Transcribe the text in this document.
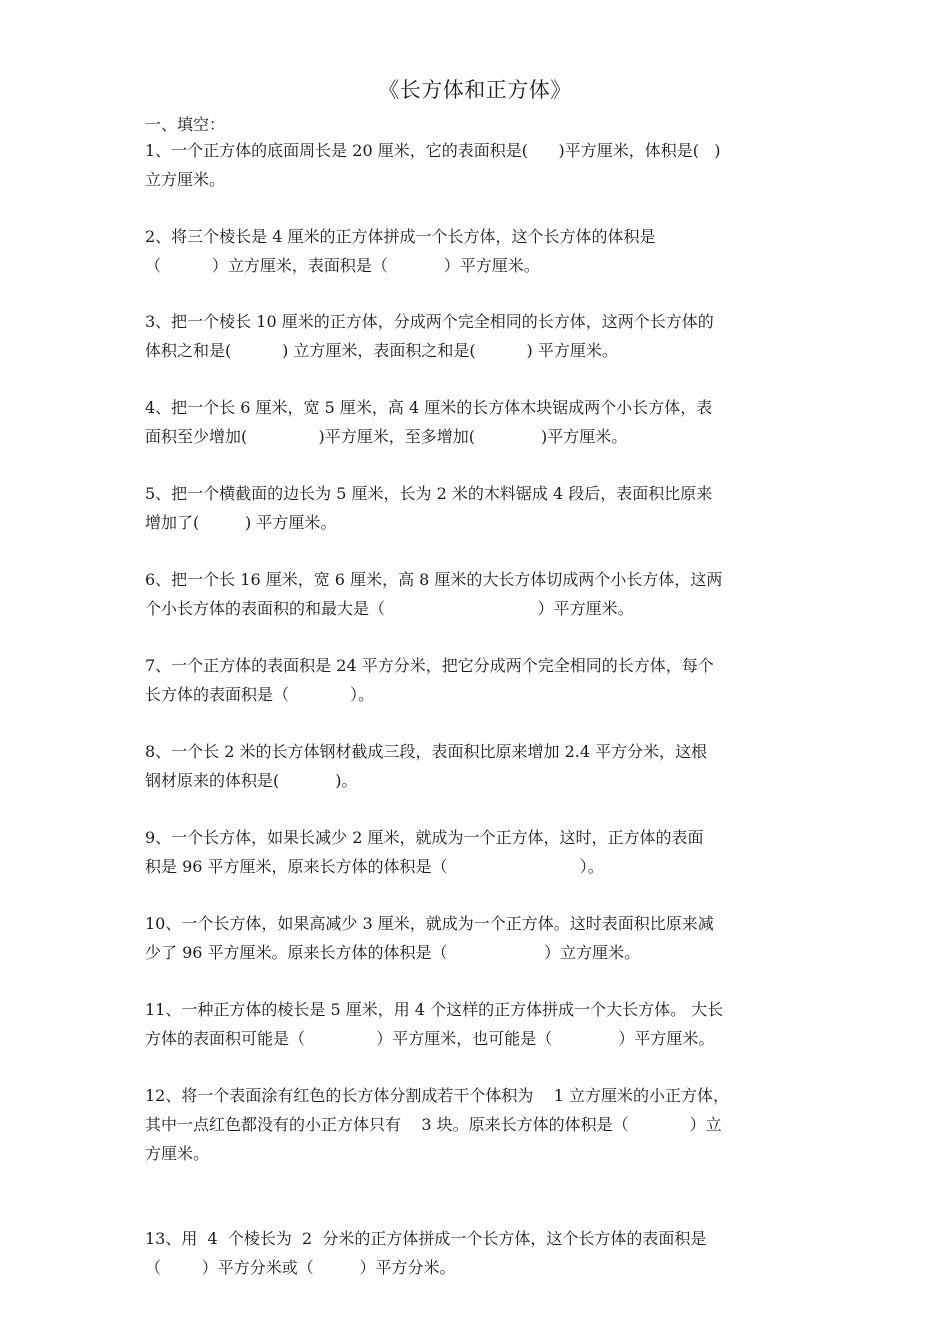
《长方体和正方体》
一、填空：
1、一个正方体的底面周长是 20 厘米，它的表面积是(      )平方厘米，体积是(   )
立方厘米。
2、将三个棱长是 4 厘米的正方体拼成一个长方体，这个长方体的体积是
（          ）立方厘米，表面积是（           ）平方厘米。
3、把一个棱长 10 厘米的正方体，分成两个完全相同的长方体，这两个长方体的
体积之和是(          ) 立方厘米，表面积之和是(          ) 平方厘米。
4、把一个长 6 厘米，宽 5 厘米，高 4 厘米的长方体木块锯成两个小长方体，表
面积至少增加(              )平方厘米，至多增加(             )平方厘米。
5、把一个横截面的边长为 5 厘米，长为 2 米的木料锯成 4 段后，表面积比原来
增加了(         ) 平方厘米。
6、把一个长 16 厘米，宽 6 厘米，高 8 厘米的大长方体切成两个小长方体，这两
个小长方体的表面积的和最大是（                              ）平方厘米。
7、一个正方体的表面积是 24 平方分米，把它分成两个完全相同的长方体，每个
长方体的表面积是（            ）。
8、一个长 2 米的长方体钢材截成三段，表面积比原来增加 2.4 平方分米，这根
钢材原来的体积是(           )。
9、一个长方体，如果长减少 2 厘米，就成为一个正方体，这时，正方体的表面
积是 96 平方厘米，原来长方体的体积是（                          ）。
10、一个长方体，如果高减少 3 厘米，就成为一个正方体。这时表面积比原来减
少了 96 平方厘米。原来长方体的体积是（                   ）立方厘米。
11、一种正方体的棱长是 5 厘米，用 4 个这样的正方体拼成一个大长方体。 大长
方体的表面积可能是（              ）平方厘米，也可能是（             ）平方厘米。
12、将一个表面涂有红色的长方体分割成若干个体积为    1 立方厘米的小正方体，
其中一点红色都没有的小正方体只有    3 块。原来长方体的体积是（            ）立
方厘米。
13、用  4  个棱长为  2  分米的正方体拼成一个长方体，这个长方体的表面积是
（        ）平方分米或（         ）平方分米。
